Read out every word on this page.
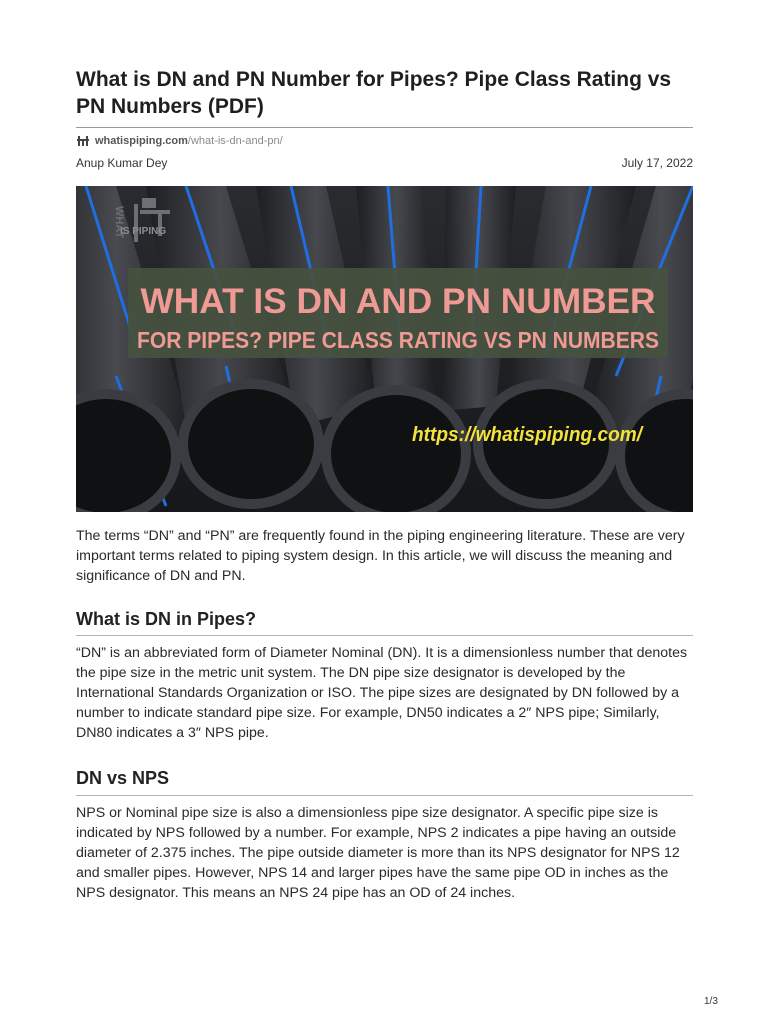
What is DN and PN Number for Pipes? Pipe Class Rating vs PN Numbers (PDF)
whatispiping.com /what-is-dn-and-pn/
Anup Kumar Dey	July 17, 2022
WHAT
IS PIPING
WHAT IS DN AND PN NUMBER
FOR PIPES? PIPE CLASS RATING VS PN NUMBERS
https://whatispiping.com/

The terms “DN” and “PN” are frequently found in the piping engineering literature. These are very important terms related to piping system design. In this article, we will discuss the meaning and significance of DN and PN.

What is DN in Pipes?

“DN” is an abbreviated form of Diameter Nominal (DN). It is a dimensionless number that denotes the pipe size in the metric unit system. The DN pipe size designator is developed by the International Standards Organization or ISO. The pipe sizes are designated by DN followed by a number to indicate standard pipe size. For example, DN50 indicates a 2″ NPS pipe; Similarly, DN80 indicates a 3″ NPS pipe.

DN vs NPS

NPS or Nominal pipe size is also a dimensionless pipe size designator. A specific pipe size is indicated by NPS followed by a number. For example, NPS 2 indicates a pipe having an outside diameter of 2.375 inches. The pipe outside diameter is more than its NPS designator for NPS 12 and smaller pipes. However, NPS 14 and larger pipes have the same pipe OD in inches as the NPS designator. This means an NPS 24 pipe has an OD of 24 inches.

1/3
